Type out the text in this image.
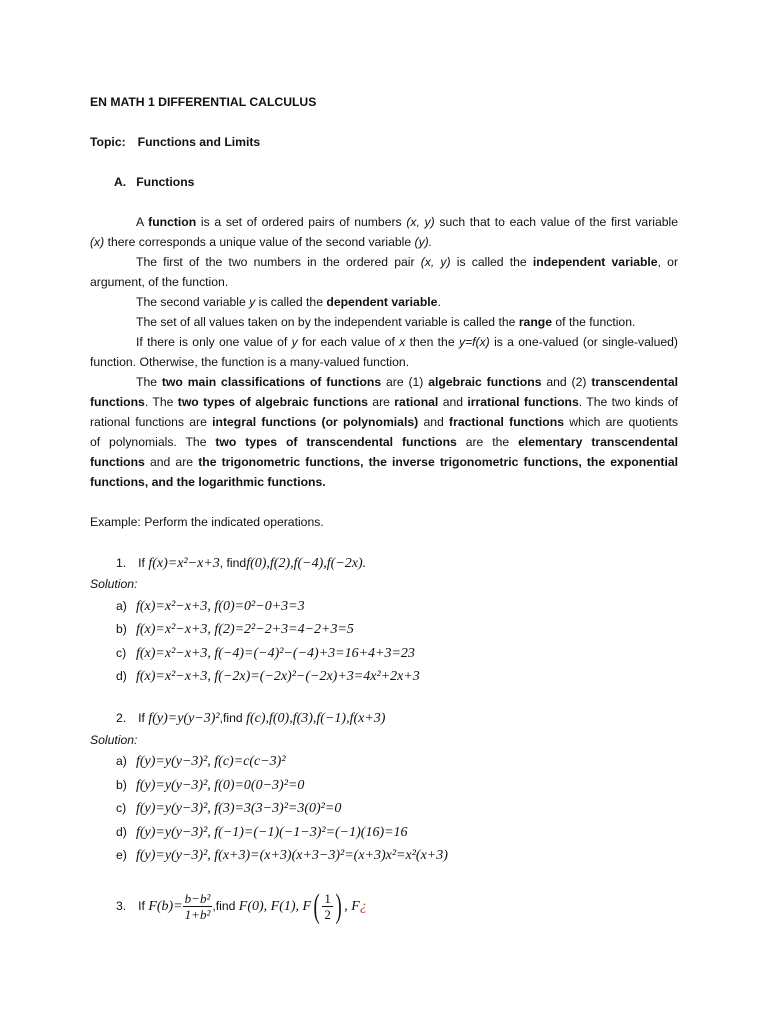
EN MATH 1 DIFFERENTIAL CALCULUS
Topic: Functions and Limits
A. Functions
A function is a set of ordered pairs of numbers (x, y) such that to each value of the first variable
(x) there corresponds a unique value of the second variable (y).
The first of the two numbers in the ordered pair (x, y) is called the independent variable, or
argument, of the function.
The second variable y is called the dependent variable.
The set of all values taken on by the independent variable is called the range of the function.
If there is only one value of y for each value of x then the y=f(x) is a one-valued (or single-valued)
function. Otherwise, the function is a many-valued function.
The two main classifications of functions are (1) algebraic functions and (2) transcendental
functions. The two types of algebraic functions are rational and irrational functions. The two kinds of
rational functions are integral functions (or polynomials) and fractional functions which are quotients
of polynomials. The two types of transcendental functions are the elementary transcendental
functions and are the trigonometric functions, the inverse trigonometric functions, the exponential
functions, and the logarithmic functions.
Example: Perform the indicated operations.
1. If f(x)=x²−x+3, findf(0),f(2),f(−4),f(−2x).
Solution:
a) f(x)=x²−x+3, f(0)=0²−0+3=3
b) f(x)=x²−x+3, f(2)=2²−2+3=4−2+3=5
c) f(x)=x²−x+3, f(−4)=(−4)²−(−4)+3=16+4+3=23
d) f(x)=x²−x+3, f(−2x)=(−2x)²−(−2x)+3=4x²+2x+3
2. If f(y)=y(y−3)²,find f(c),f(0),f(3),f(−1),f(x+3)
Solution:
a) f(y)=y(y−3)², f(c)=c(c−3)²
b) f(y)=y(y−3)², f(0)=0(0−3)²=0
c) f(y)=y(y−3)², f(3)=3(3−3)²=3(0)²=0
d) f(y)=y(y−3)², f(−1)=(−1)(−1−3)²=(−1)(16)=16
e) f(y)=y(y−3)², f(x+3)=(x+3)(x+3−3)²=(x+3)x²=x²(x+3)
3. If $F(b)= \frac{\text{b−b²}}{\text{1+b²}}$ ,find F(0), F(1), $F( \frac{1}{2}$ ) , F¿
